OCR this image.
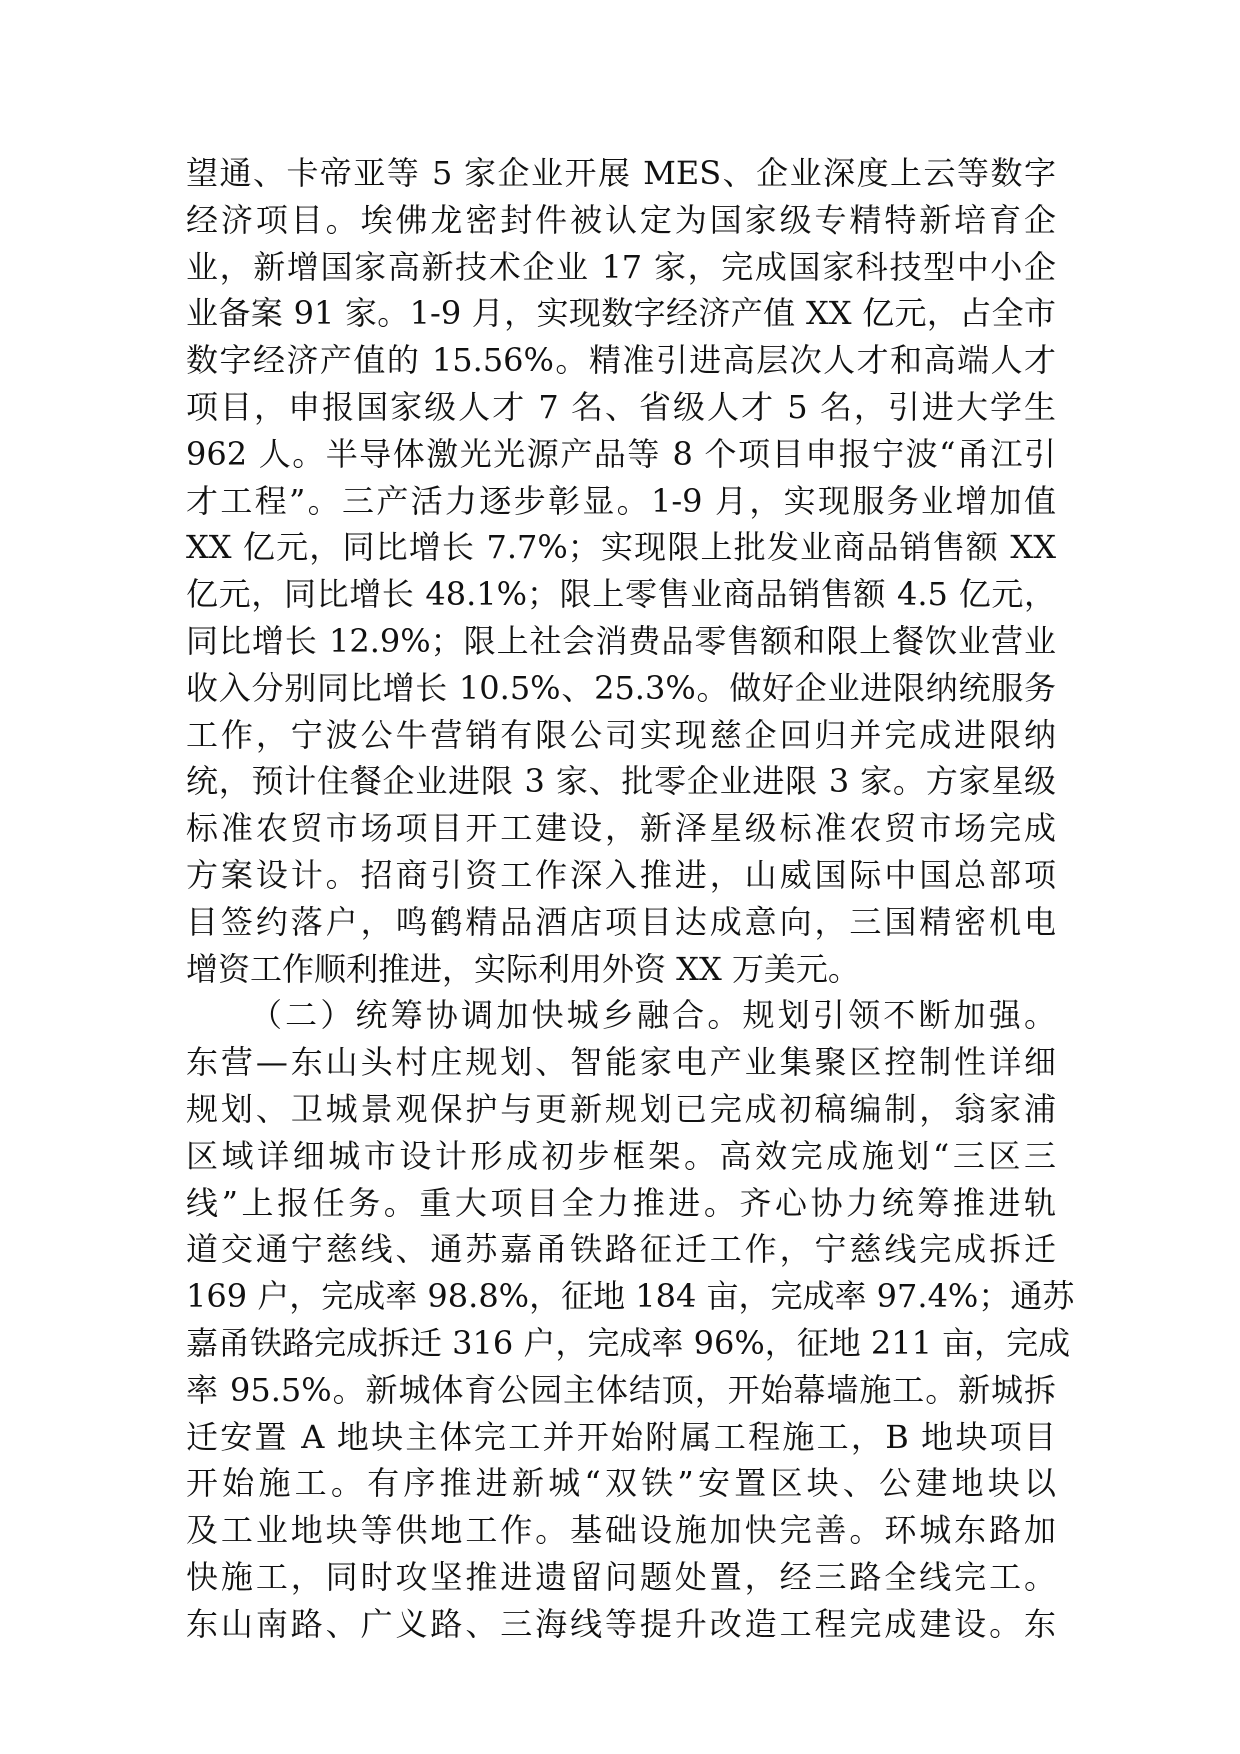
望通、卡帝亚等 5 家企业开展 MES、企业深度上云等数字
经济项目。埃佛龙密封件被认定为国家级专精特新培育企
业，新增国家高新技术企业 17 家，完成国家科技型中小企
业备案 91 家。1-9 月，实现数字经济产值 XX 亿元，占全市
数字经济产值的 15.56%。精准引进高层次人才和高端人才
项目，申报国家级人才 7 名、省级人才 5 名，引进大学生
962 人。半导体激光光源产品等 8 个项目申报宁波“甬江引
才工程”。三产活力逐步彰显。1-9 月，实现服务业增加值
XX 亿元，同比增长 7.7%；实现限上批发业商品销售额 XX
亿元，同比增长 48.1%；限上零售业商品销售额 4.5 亿元，
同比增长 12.9%；限上社会消费品零售额和限上餐饮业营业
收入分别同比增长 10.5%、25.3%。做好企业进限纳统服务
工作，宁波公牛营销有限公司实现慈企回归并完成进限纳
统，预计住餐企业进限 3 家、批零企业进限 3 家。方家星级
标准农贸市场项目开工建设，新泽星级标准农贸市场完成
方案设计。招商引资工作深入推进，山威国际中国总部项
目签约落户，鸣鹤精品酒店项目达成意向，三国精密机电
增资工作顺利推进，实际利用外资 XX 万美元。
（二）统筹协调加快城乡融合。规划引领不断加强。
东营—东山头村庄规划、智能家电产业集聚区控制性详细
规划、卫城景观保护与更新规划已完成初稿编制，翁家浦
区域详细城市设计形成初步框架。高效完成施划“三区三
线”上报任务。重大项目全力推进。齐心协力统筹推进轨
道交通宁慈线、通苏嘉甬铁路征迁工作，宁慈线完成拆迁
169 户，完成率 98.8%，征地 184 亩，完成率 97.4%；通苏
嘉甬铁路完成拆迁 316 户，完成率 96%，征地 211 亩，完成
率 95.5%。新城体育公园主体结顶，开始幕墙施工。新城拆
迁安置 A 地块主体完工并开始附属工程施工，B 地块项目
开始施工。有序推进新城“双铁”安置区块、公建地块以
及工业地块等供地工作。基础设施加快完善。环城东路加
快施工，同时攻坚推进遗留问题处置，经三路全线完工。
东山南路、广义路、三海线等提升改造工程完成建设。东
